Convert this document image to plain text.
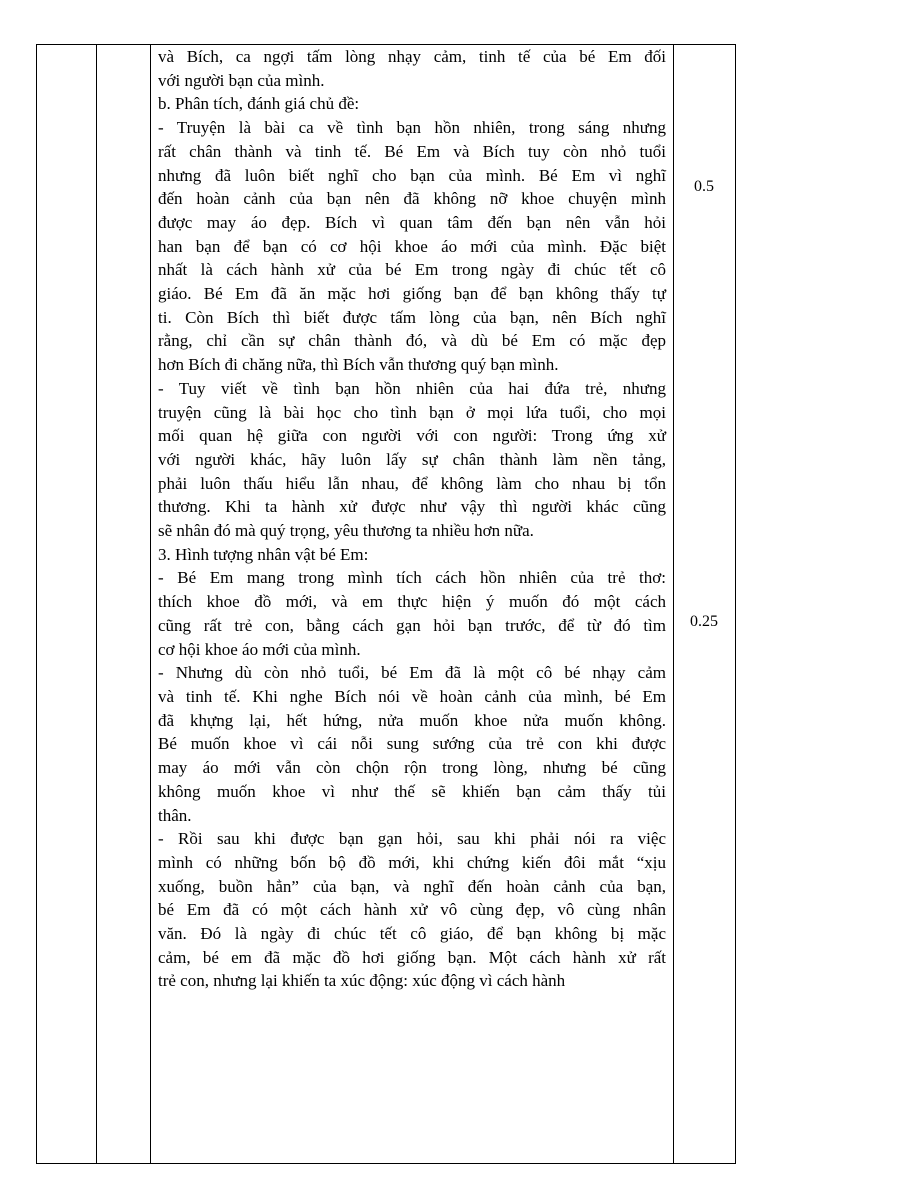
và Bích, ca ngợi tấm lòng nhạy cảm, tinh tế của bé Em đối

với người bạn của mình.

b. Phân tích, đánh giá chủ đề:

- Truyện là bài ca về tình bạn hồn nhiên, trong sáng nhưng

rất chân thành và tinh tế. Bé Em và Bích tuy còn nhỏ tuổi

nhưng đã luôn biết nghĩ cho bạn của mình. Bé Em vì nghĩ

đến hoàn cảnh của bạn nên đã không nỡ khoe chuyện mình

được may áo đẹp. Bích vì quan tâm đến bạn nên vẫn hỏi

han bạn để bạn có cơ hội khoe áo mới của mình. Đặc biệt

nhất là cách hành xử của bé Em trong ngày đi chúc tết cô

giáo. Bé Em đã ăn mặc hơi giống bạn để bạn không thấy tự

ti. Còn Bích thì biết được tấm lòng của bạn, nên Bích nghĩ

rằng, chỉ cần sự chân thành đó, và dù bé Em có mặc đẹp

hơn Bích đi chăng nữa, thì Bích vẫn thương quý bạn mình.

- Tuy viết về tình bạn hồn nhiên của hai đứa trẻ, nhưng

truyện cũng là bài học cho tình bạn ở mọi lứa tuổi, cho mọi

mối quan hệ giữa con người với con người: Trong ứng xử

với người khác, hãy luôn lấy sự chân thành làm nền tảng,

phải luôn thấu hiểu lẫn nhau, để không làm cho nhau bị tổn

thương. Khi ta hành xử được như vậy thì người khác cũng

sẽ nhân đó mà quý trọng, yêu thương ta nhiều hơn nữa.

3. Hình tượng nhân vật bé Em:

- Bé Em mang trong mình tích cách hồn nhiên của trẻ thơ:

thích khoe đồ mới, và em thực hiện ý muốn đó một cách

cũng rất trẻ con, bằng cách gạn hỏi bạn trước, để từ đó tìm

cơ hội khoe áo mới của mình.

- Nhưng dù còn nhỏ tuổi, bé Em đã là một cô bé nhạy cảm

và tinh tế. Khi nghe Bích nói về hoàn cảnh của mình, bé Em

đã khựng lại, hết hứng, nửa muốn khoe nửa muốn không.

Bé muốn khoe vì cái nỗi sung sướng của trẻ con khi được

may áo mới vẫn còn chộn rộn trong lòng, nhưng bé cũng

không muốn khoe vì như thế sẽ khiến bạn cảm thấy tủi

thân.

- Rồi sau khi được bạn gạn hỏi, sau khi phải nói ra việc

mình có những bốn bộ đồ mới, khi chứng kiến đôi mắt “xịu

xuống, buồn hẳn” của bạn, và nghĩ đến hoàn cảnh của bạn,

bé Em đã có một cách hành xử vô cùng đẹp, vô cùng nhân

văn. Đó là ngày đi chúc tết cô giáo, để bạn không bị mặc

cảm, bé em đã mặc đồ hơi giống bạn. Một cách hành xử rất

trẻ con, nhưng lại khiến ta xúc động: xúc động vì cách hành

0.5
0.25
